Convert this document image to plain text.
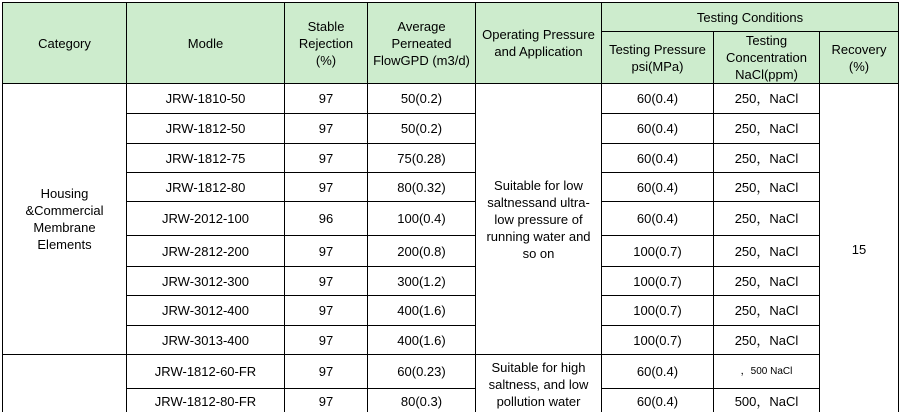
Category	Modle	Stable Rejection (%)	Average Perneated FlowGPD (m3/d)	Operating Pressure and Application	Testing Conditions		
					Testing Pressure psi(MPa)	Testing Concentration NaCl(ppm)	Recovery (%)
Housing &Commercial Membrane Elements	JRW-1810-50	97	50(0.2)	Suitable for low saltnessand ultra-low pressure of running water and so on	60(0.4)	250，NaCl	15
	JRW-1812-50	97	50(0.2)		60(0.4)	250，NaCl	
	JRW-1812-75	97	75(0.28)		60(0.4)	250，NaCl	
	JRW-1812-80	97	80(0.32)		60(0.4)	250，NaCl	
	JRW-2012-100	96	100(0.4)		60(0.4)	250，NaCl	
	JRW-2812-200	97	200(0.8)		100(0.7)	250，NaCl	
	JRW-3012-300	97	300(1.2)		100(0.7)	250，NaCl	
	JRW-3012-400	97	400(1.6)		100(0.7)	250，NaCl	
	JRW-3013-400	97	400(1.6)		100(0.7)	250，NaCl	
	JRW-1812-60-FR	97	60(0.23)	Suitable for high saltness, and low pollution water	60(0.4)	，500 NaCl	
	JRW-1812-80-FR	97	80(0.3)		60(0.4)	500，NaCl	
